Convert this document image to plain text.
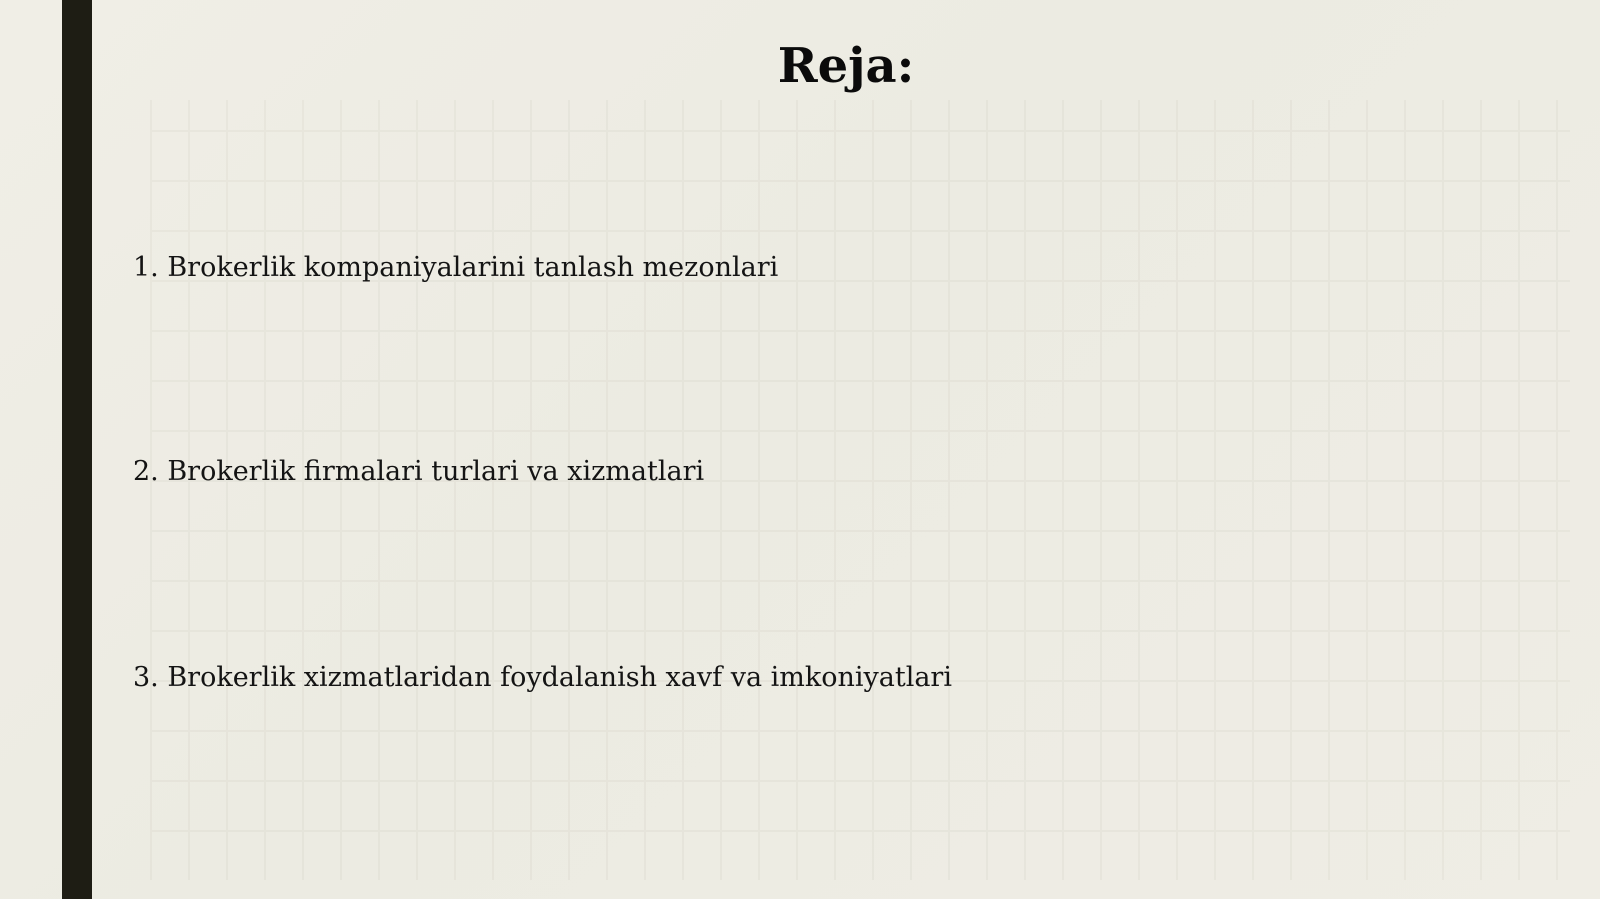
Reja:

1. Brokerlik kompaniyalarini tanlash mezonlari

2. Brokerlik firmalari turlari va xizmatlari

3. Brokerlik xizmatlaridan foydalanish xavf va imkoniyatlari
